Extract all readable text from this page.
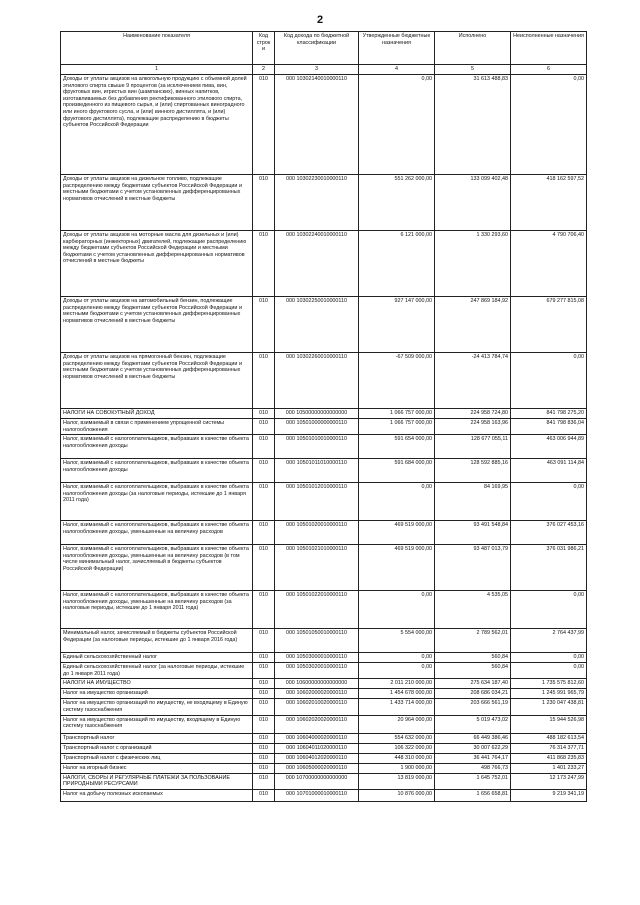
2
Наименование показателя	Код строк и	Код дохода по бюджетной классификации	Утвержденные бюджетные назначения	Исполнено	Неисполненные назначения
1	2	3	4	5	6
Доходы от уплаты акцизов на алкогольную продукцию с объемной долей этилового спирта свыше 9 процентов (за исключением пива, вин, фруктовых вин, игристых вин (шампанских), винных напитков, изготавливаемых без добавления ректификованного этилового спирта, произведенного из пищевого сырья, и (или) спиртованных виноградного или иного фруктового сусла, и (или) винного дистиллята, и (или) фруктового дистиллята), подлежащие распределению в бюджеты субъектов Российской Федерации	010	000 10302140010000110	0,00	31 613 488,83	0,00
Доходы от уплаты акцизов на дизельное топливо, подлежащие распределению между бюджетами субъектов Российской Федерации и местными бюджетами с учетом установленных дифференцированных нормативов отчислений в местные бюджеты	010	000 10302230010000110	551 262 000,00	133 099 402,48	418 162 597,52
Доходы от уплаты акцизов на моторные масла для дизельных и (или) карбюраторных (инжекторных) двигателей, подлежащие распределению между бюджетами субъектов Российской Федерации и местными бюджетами с учетом установленных дифференцированных нормативов отчислений в местные бюджеты	010	000 10302240010000110	6 121 000,00	1 330 293,60	4 790 706,40
Доходы от уплаты акцизов на автомобильный бензин, подлежащие распределению между бюджетами субъектов Российской Федерации и местными бюджетами с учетом установленных дифференцированных нормативов отчислений в местные бюджеты	010	000 10302250010000110	927 147 000,00	247 869 184,92	679 277 815,08
Доходы от уплаты акцизов на прямогонный бензин, подлежащие распределению между бюджетами субъектов Российской Федерации и местными бюджетами с учетом установленных дифференцированных нормативов отчислений в местные бюджеты	010	000 10302260010000110	-67 509 000,00	-24 413 784,74	0,00
НАЛОГИ НА СОВОКУПНЫЙ ДОХОД	010	000 10500000000000000	1 066 757 000,00	224 958 724,80	841 798 275,20
Налог, взимаемый в связи с применением упрощенной системы налогообложения	010	000 10501000000000110	1 066 757 000,00	224 958 163,96	841 798 836,04
Налог, взимаемый с налогоплательщиков, выбравших в качестве объекта налогообложения доходы	010	000 10501010010000110	591 654 000,00	128 677 055,11	463 006 944,89
Налог, взимаемый с налогоплательщиков, выбравших в качестве объекта налогообложения доходы	010	000 10501011010000110	591 684 000,00	128 592 885,16	463 091 114,84
Налог, взимаемый с налогоплательщиков, выбравших в качестве объекта налогообложения доходы (за налоговые периоды, истекшие до 1 января 2011 года)	010	000 10501012010000110	0,00	84 169,95	0,00
Налог, взимаемый с налогоплательщиков, выбравших в качестве объекта налогообложения доходы, уменьшенные на величину расходов	010	000 10501020010000110	469 519 000,00	93 491 548,84	376 027 453,16
Налог, взимаемый с налогоплательщиков, выбравших в качестве объекта налогообложения доходы, уменьшенные на величину расходов (в том числе минимальный налог, зачисляемый в бюджеты субъектов Российской Федерации)	010	000 10501021010000110	469 519 000,00	93 487 013,79	376 031 986,21
Налог, взимаемый с налогоплательщиков, выбравших в качестве объекта налогообложения доходы, уменьшенные на величину расходов (за налоговые периоды, истекшие до 1 января 2011 года)	010	000 10501022010000110	0,00	4 535,05	0,00
Минимальный налог, зачисляемый в бюджеты субъектов Российской Федерации (за налоговые периоды, истекшие до 1 января 2016 года)	010	000 10501050010000110	5 554 000,00	2 789 562,01	2 764 437,99
Единый сельскохозяйственный налог	010	000 10503000010000110	0,00	560,84	0,00
Единый сельскохозяйственный налог (за налоговые периоды, истекшие до 1 января 2011 года)	010	000 10503020010000110	0,00	560,84	0,00
НАЛОГИ НА ИМУЩЕСТВО	010	000 10600000000000000	2 011 210 000,00	275 634 187,40	1 735 575 812,60
Налог на имущество организаций	010	000 10602000020000110	1 454 678 000,00	208 686 034,21	1 245 991 965,79
Налог на имущество организаций по имуществу, не входящему в Единую систему газоснабжения	010	000 10602010020000110	1 433 714 000,00	203 666 561,19	1 230 047 438,81
Налог на имущество организаций по имуществу, входящему в Единую систему газоснабжения	010	000 10602020020000110	20 964 000,00	5 019 473,02	15 944 526,98
Транспортный налог	010	000 10604000020000110	554 632 000,00	66 449 386,46	488 182 613,54
Транспортный налог с организаций	010	000 10604011020000110	106 322 000,00	30 007 622,29	76 314 377,71
Транспортный налог с физических лиц	010	000 10604012020000110	448 310 000,00	36 441 764,17	411 868 235,83
Налог на игорный бизнес	010	000 10605000020000110	1 900 000,00	498 766,73	1 401 233,27
НАЛОГИ, СБОРЫ И РЕГУЛЯРНЫЕ ПЛАТЕЖИ ЗА ПОЛЬЗОВАНИЕ ПРИРОДНЫМИ РЕСУРСАМИ	010	000 10700000000000000	13 819 000,00	1 645 752,01	12 173 247,99
Налог на добычу полезных ископаемых	010	000 10701000010000110	10 876 000,00	1 656 658,81	9 219 341,19
